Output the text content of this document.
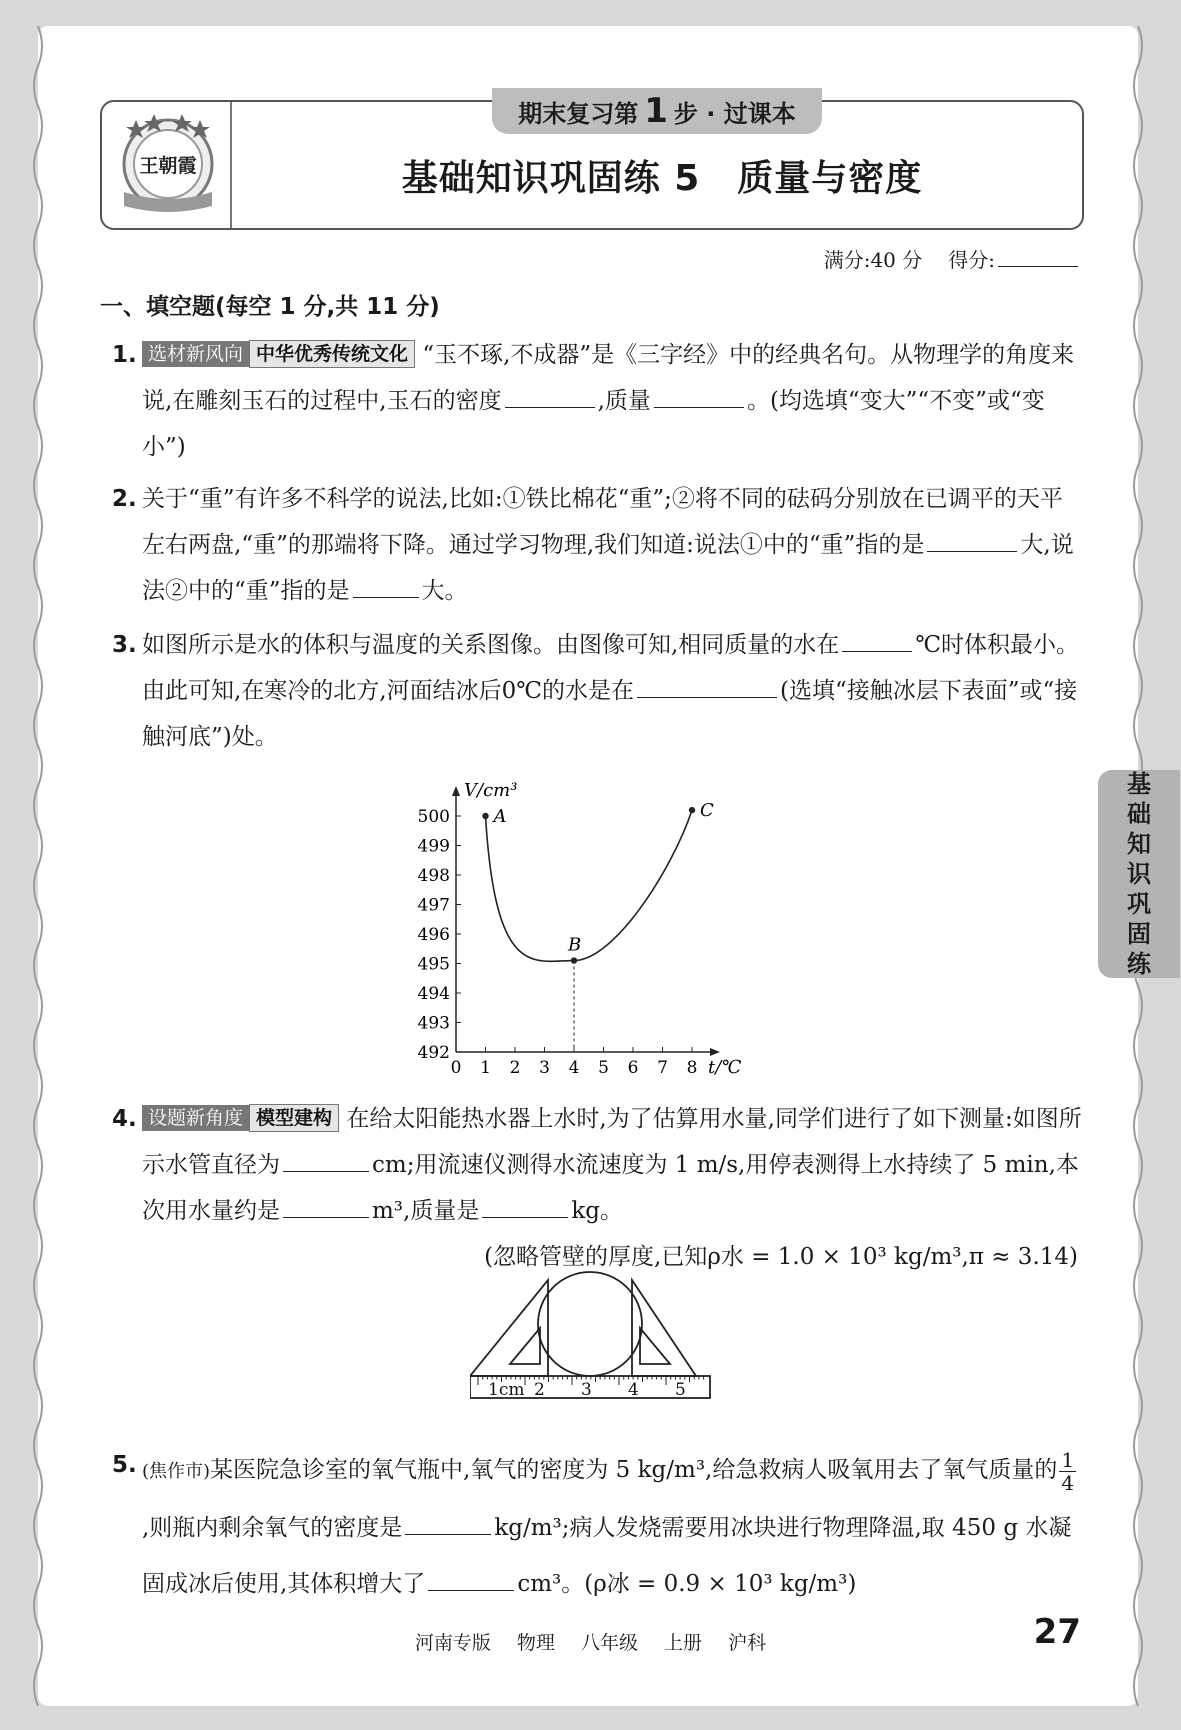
王朝霞
期末复习第 1 步 · 过课本
基础知识巩固练 5　质量与密度
满分:40 分 得分:
一、填空题(每空 1 分,共 11 分)
1. 选材新风向 中华优秀传统文化 “玉不琢,不成器”是《三字经》中的经典名句。从物理学的角度来说,在雕刻玉石的过程中,玉石的密度	,质量	。(均选填“变大”“不变”或“变小”)
2. 关于“重”有许多不科学的说法,比如:①铁比棉花“重”;②将不同的砝码分别放在已调平的天平左右两盘,“重”的那端将下降。通过学习物理,我们知道:说法①中的“重”指的是	大,说法②中的“重”指的是	大。
3. 如图所示是水的体积与温度的关系图像。由图像可知,相同质量的水在	℃时体积最小。由此可知,在寒冷的北方,河面结冰后0℃的水是在	(选填“接触冰层下表面”或“接触河底”)处。
0 1 2 3 4 5 6 7 8
492
493
494
495
496
497
498
499
500
t/℃
V/cm³
A
B
C
4. 设题新角度 模型建构 在给太阳能热水器上水时,为了估算用水量,同学们进行了如下测量:如图所示水管直径为	cm;用流速仪测得水流速度为 1 m/s,用停表测得上水持续了 5 min,本次用水量约是	m³,质量是	kg。
(忽略管壁的厚度,已知ρ水 = 1.0 × 10³ kg/m³,π ≈ 3.14)
1cm 2 3 4 5
5. (焦作市)某医院急诊室的氧气瓶中,氧气的密度为 5 kg/m³,给急救病人吸氧用去了氧气质量的 $\frac{1}{4}$
,则瓶内剩余氧气的密度是	kg/m³;病人发烧需要用冰块进行物理降温,取 450 g 水凝固成冰后使用,其体积增大了	cm³。(ρ冰 = 0.9 × 10³ kg/m³)
基
础
知
识
巩
固
练
河南专版 物理 八年级 上册 沪科	27
